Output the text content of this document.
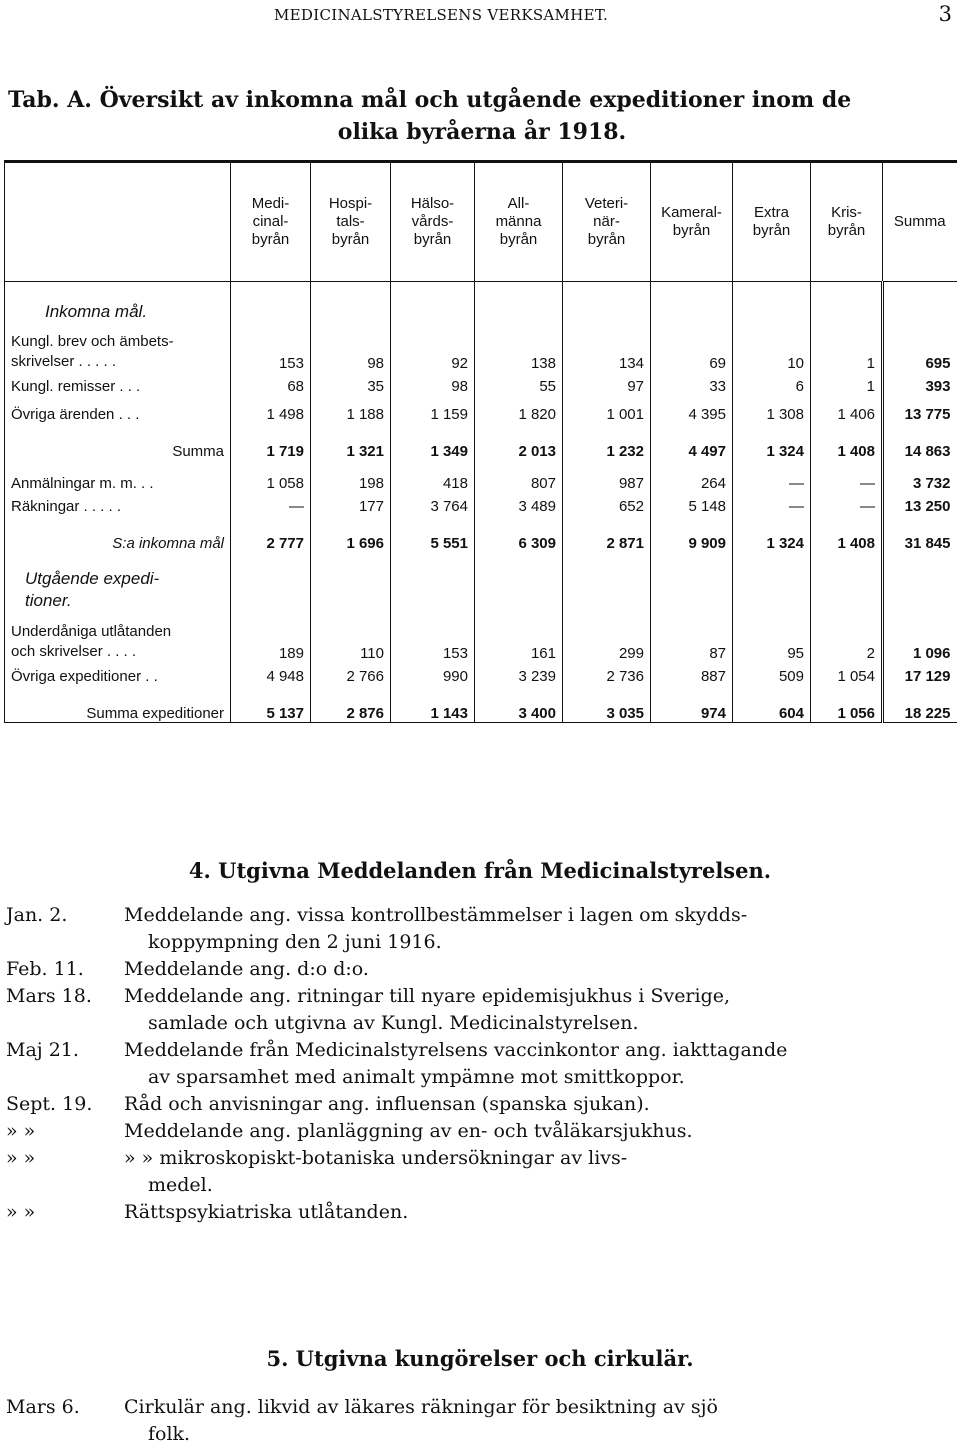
MEDICINALSTYRELSENS VERKSAMHET.	3
Tab. A. Översikt av inkomna mål och utgående expeditioner inom de
olika byråerna år 1918.
	Medi-
cinal-
byrån	Hospi-
tals-
byrån	Hälso-
vårds-
byrån	All-
männa
byrån	Veteri-
när-
byrån	Kameral-
byrån	Extra
byrån	Kris-
byrån	Summa
Inkomna mål.									
Kungl. brev och ämbets-
skrivelser . . . . .	153	98	92	138	134	69	10	1	695
Kungl. remisser . . .	68	35	98	55	97	33	6	1	393
Övriga ärenden . . .	1 498	1 188	1 159	1 820	1 001	4 395	1 308	1 406	13 775
Summa	1 719	1 321	1 349	2 013	1 232	4 497	1 324	1 408	14 863
Anmälningar m. m. . .	1 058	198	418	807	987	264	—	—	3 732
Räkningar . . . . .	—	177	3 764	3 489	652	5 148	—	—	13 250
S:a inkomna mål	2 777	1 696	5 551	6 309	2 871	9 909	1 324	1 408	31 845
Utgående expedi-
tioner.									
Underdåniga utlåtanden
och skrivelser . . . .	189	110	153	161	299	87	95	2	1 096
Övriga expeditioner . .	4 948	2 766	990	3 239	2 736	887	509	1 054	17 129
Summa expeditioner	5 137	2 876	1 143	3 400	3 035	974	604	1 056	18 225
4. Utgivna Meddelanden från Medicinalstyrelsen.
Jan. 2.	Meddelande ang. vissa kontrollbestämmelser i lagen om skydds-
koppympning den 2 juni 1916.
Feb. 11.	Meddelande ang. d:o d:o.
Mars 18.	Meddelande ang. ritningar till nyare epidemisjukhus i Sverige,
samlade och utgivna av Kungl. Medicinalstyrelsen.
Maj 21.	Meddelande från Medicinalstyrelsens vaccinkontor ang. iakttagande
av sparsamhet med animalt ympämne mot smittkoppor.
Sept. 19.	Råd och anvisningar ang. influensan (spanska sjukan).
» »	Meddelande ang. planläggning av en- och tvåläkarsjukhus.
» »	» » mikroskopiskt-botaniska undersökningar av livs-
medel.
» »	Rättspsykiatriska utlåtanden.
5. Utgivna kungörelser och cirkulär.
Mars 6.	Cirkulär ang. likvid av läkares räkningar för besiktning av sjö
folk.
